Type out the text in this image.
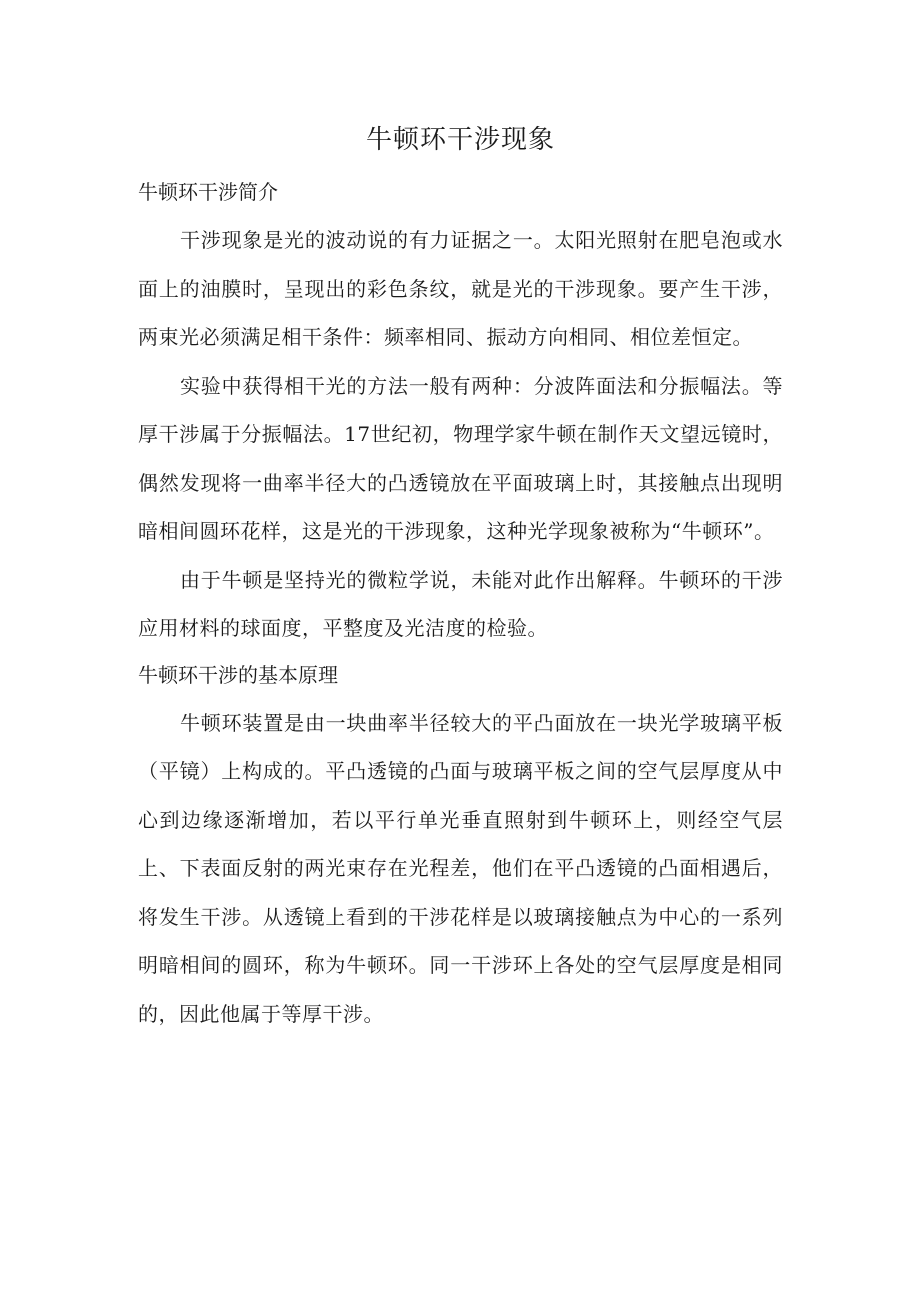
牛顿环干涉现象
牛顿环干涉简介

干涉现象是光的波动说的有力证据之一。太阳光照射在肥皂泡或水面上的油膜时，呈现出的彩色条纹，就是光的干涉现象。要产生干涉，两束光必须满足相干条件：频率相同、振动方向相同、相位差恒定。

实验中获得相干光的方法一般有两种：分波阵面法和分振幅法。等厚干涉属于分振幅法。17世纪初，物理学家牛顿在制作天文望远镜时，偶然发现将一曲率半径大的凸透镜放在平面玻璃上时，其接触点出现明暗相间圆环花样，这是光的干涉现象，这种光学现象被称为“牛顿环”。

由于牛顿是坚持光的微粒学说，未能对此作出解释。牛顿环的干涉应用材料的球面度，平整度及光洁度的检验。

牛顿环干涉的基本原理

牛顿环装置是由一块曲率半径较大的平凸面放在一块光学玻璃平板（平镜）上构成的。平凸透镜的凸面与玻璃平板之间的空气层厚度从中心到边缘逐渐增加，若以平行单光垂直照射到牛顿环上，则经空气层上、下表面反射的两光束存在光程差，他们在平凸透镜的凸面相遇后，将发生干涉。从透镜上看到的干涉花样是以玻璃接触点为中心的一系列明暗相间的圆环，称为牛顿环。同一干涉环上各处的空气层厚度是相同的，因此他属于等厚干涉。
